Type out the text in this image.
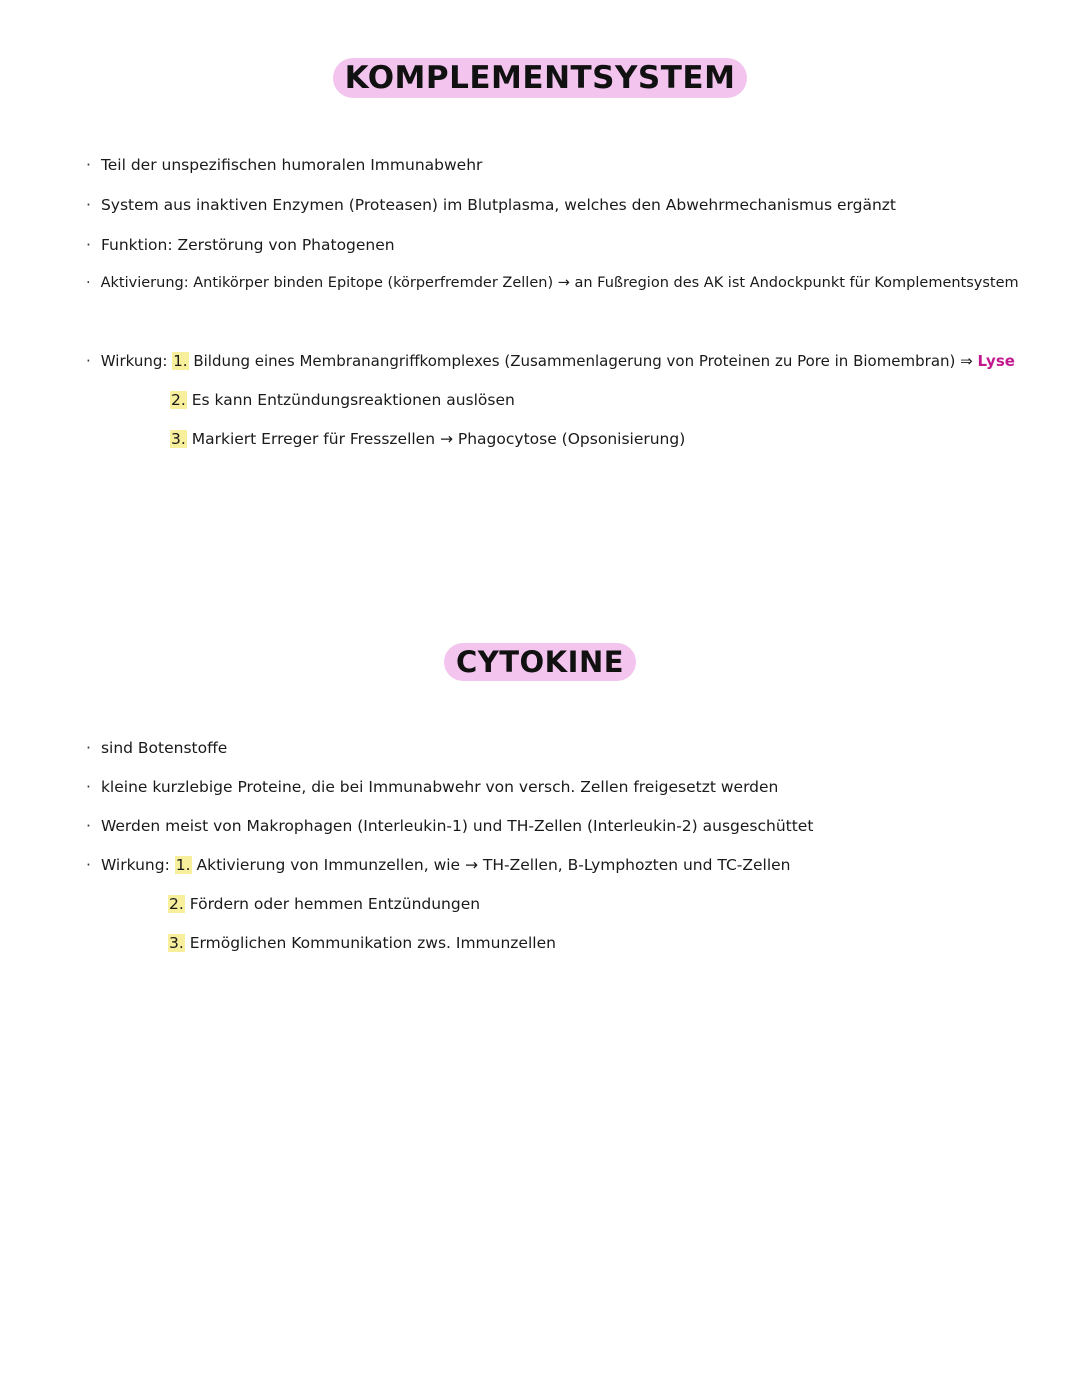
KOMPLEMENTSYSTEM
· Teil der unspezifischen humoralen Immunabwehr
· System aus inaktiven Enzymen (Proteasen) im Blutplasma, welches den Abwehrmechanismus ergänzt
· Funktion: Zerstörung von Phatogenen
· Aktivierung: Antikörper binden Epitope (körperfremder Zellen) → an Fußregion des AK ist Andockpunkt für Komplementsystem
· Wirkung: 1. Bildung eines Membranangriffkomplexes (Zusammenlagerung von Proteinen zu Pore in Biomembran) ⇒ Lyse
2. Es kann Entzündungsreaktionen auslösen
3. Markiert Erreger für Fresszellen → Phagocytose (Opsonisierung)
CYTOKINE
· sind Botenstoffe
· kleine kurzlebige Proteine, die bei Immunabwehr von versch. Zellen freigesetzt werden
· Werden meist von Makrophagen (Interleukin-1) und TH-Zellen (Interleukin-2) ausgeschüttet
· Wirkung: 1. Aktivierung von Immunzellen, wie → TH-Zellen, B-Lymphozten und TC-Zellen
2. Fördern oder hemmen Entzündungen
3. Ermöglichen Kommunikation zws. Immunzellen
